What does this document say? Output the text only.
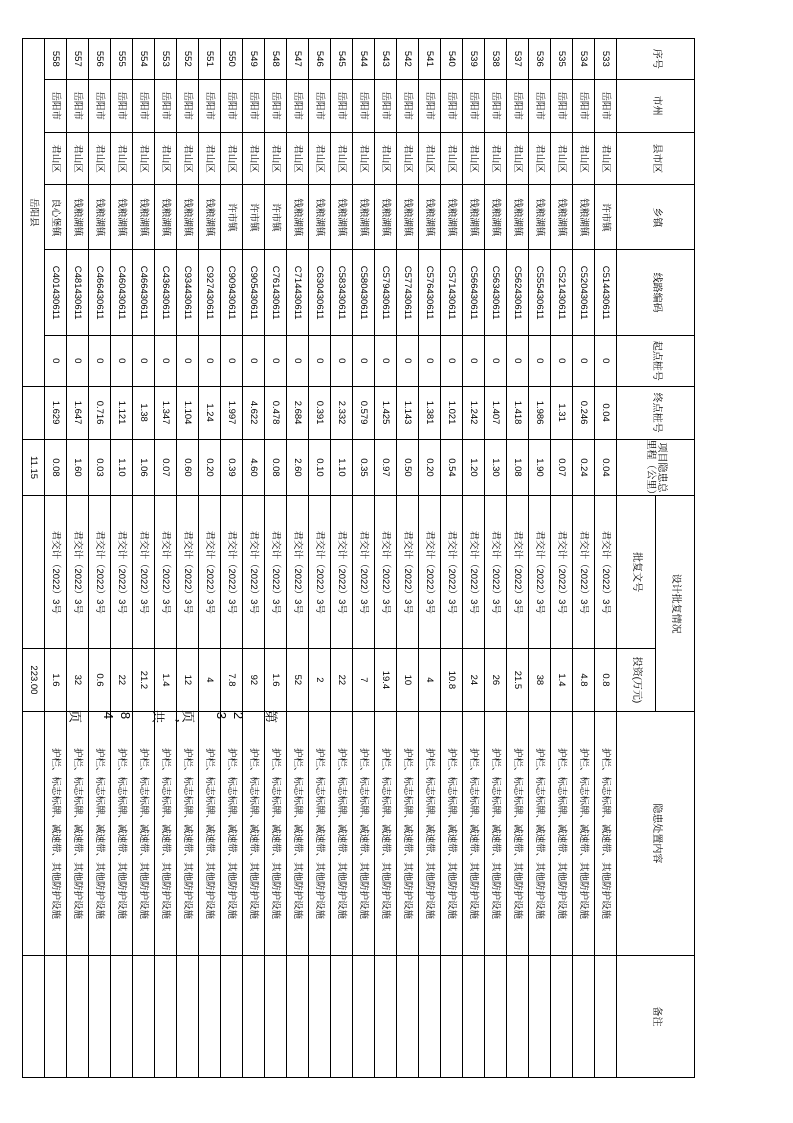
序号	市州	县市区	乡镇	线路编码	起点桩号	终点桩号	项目隐患总里程（公里）	设计批复情况		隐患处置内容	备注
								批复文号	投资(万元)		
533	岳阳市	君山区	许市镇	C514430611	0	0.04	0.04	君交计（2022）3号	0.8	护栏、标志标牌、减速带、其他防护设施	
534	岳阳市	君山区	钱粮湖镇	C520430611	0	0.246	0.24	君交计（2022）3号	4.8	护栏、标志标牌、减速带、其他防护设施	
535	岳阳市	君山区	钱粮湖镇	C521430611	0	1.31	0.07	君交计（2022）3号	1.4	护栏、标志标牌、减速带、其他防护设施	
536	岳阳市	君山区	钱粮湖镇	C555430611	0	1.986	1.90	君交计（2022）3号	38	护栏、标志标牌、减速带、其他防护设施	
537	岳阳市	君山区	钱粮湖镇	C562430611	0	1.418	1.08	君交计（2022）3号	21.5	护栏、标志标牌、减速带、其他防护设施	
538	岳阳市	君山区	钱粮湖镇	C563430611	0	1.407	1.30	君交计（2022）3号	26	护栏、标志标牌、减速带、其他防护设施	
539	岳阳市	君山区	钱粮湖镇	C566430611	0	1.242	1.20	君交计（2022）3号	24	护栏、标志标牌、减速带、其他防护设施	
540	岳阳市	君山区	钱粮湖镇	C571430611	0	1.021	0.54	君交计（2022）3号	10.8	护栏、标志标牌、减速带、其他防护设施	
541	岳阳市	君山区	钱粮湖镇	C576430611	0	1.381	0.20	君交计（2022）3号	4	护栏、标志标牌、减速带、其他防护设施	
542	岳阳市	君山区	钱粮湖镇	C577430611	0	1.143	0.50	君交计（2022）3号	10	护栏、标志标牌、减速带、其他防护设施	
543	岳阳市	君山区	钱粮湖镇	C579430611	0	1.425	0.97	君交计（2022）3号	19.4	护栏、标志标牌、减速带、其他防护设施	
544	岳阳市	君山区	钱粮湖镇	C580430611	0	0.579	0.35	君交计（2022）3号	7	护栏、标志标牌、减速带、其他防护设施	
545	岳阳市	君山区	钱粮湖镇	C583430611	0	2.332	1.10	君交计（2022）3号	22	护栏、标志标牌、减速带、其他防护设施	
546	岳阳市	君山区	钱粮湖镇	C630430611	0	0.391	0.10	君交计（2022）3号	2	护栏、标志标牌、减速带、其他防护设施	
547	岳阳市	君山区	钱粮湖镇	C714430611	0	2.684	2.60	君交计（2022）3号	52	护栏、标志标牌、减速带、其他防护设施	
548	岳阳市	君山区	许市镇	C761430611	0	0.478	0.08	君交计（2022）3号	1.6	护栏、标志标牌、减速带、其他防护设施	
549	岳阳市	君山区	许市镇	C905430611	0	4.622	4.60	君交计（2022）3号	92	护栏、标志标牌、减速带、其他防护设施	
550	岳阳市	君山区	许市镇	C909430611	0	1.997	0.39	君交计（2022）3号	7.8	护栏、标志标牌、减速带、其他防护设施	
551	岳阳市	君山区	钱粮湖镇	C927430611	0	1.24	0.20	君交计（2022）3号	4	护栏、标志标牌、减速带、其他防护设施	
552	岳阳市	君山区	钱粮湖镇	C934430611	0	1.104	0.60	君交计（2022）3号	12	护栏、标志标牌、减速带、其他防护设施	
553	岳阳市	君山区	钱粮湖镇	C436430611	0	1.347	0.07	君交计（2022）3号	1.4	护栏、标志标牌、减速带、其他防护设施	
554	岳阳市	君山区	钱粮湖镇	C466430611	0	1.38	1.06	君交计（2022）3号	21.2	护栏、标志标牌、减速带、其他防护设施	
555	岳阳市	君山区	钱粮湖镇	C460430611	0	1.121	1.10	君交计（2022）3号	22	护栏、标志标牌、减速带、其他防护设施	
556	岳阳市	君山区	钱粮湖镇	C466430611	0	0.716	0.03	君交计（2022）3号	0.6	护栏、标志标牌、减速带、其他防护设施	
557	岳阳市	君山区	钱粮湖镇	C481430611	0	1.647	1.60	君交计（2022）3号	32	护栏、标志标牌、减速带、其他防护设施	
558	岳阳市	君山区	良心堡镇	C401430611	0	1.629	0.08	君交计（2022）3号	1.6	护栏、标志标牌、减速带、其他防护设施	
岳阳县							11.15		223.00		
第 23 页，共 84 页
